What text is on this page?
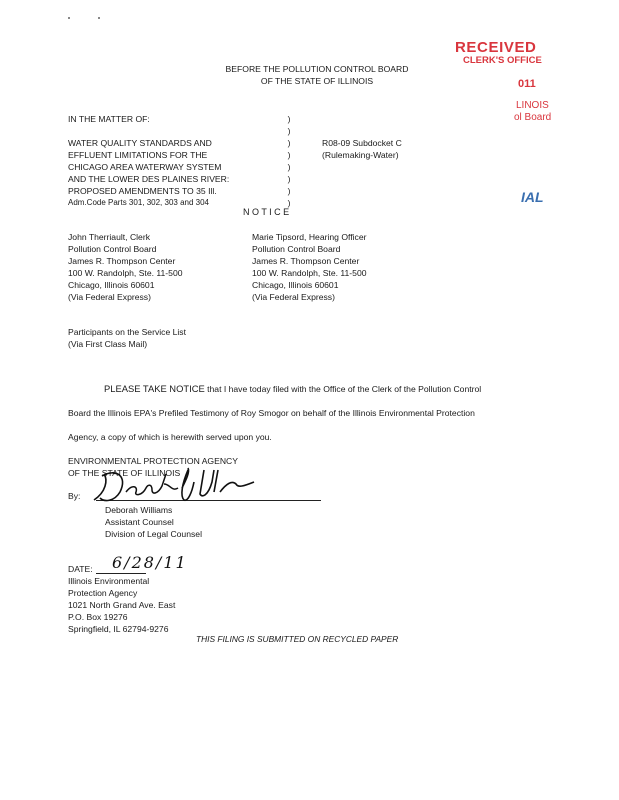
RECEIVED
CLERK'S OFFICE
011
LINOIS
ol Board
IAL
BEFORE THE POLLUTION CONTROL BOARD
OF THE STATE OF ILLINOIS
IN THE MATTER OF:
WATER QUALITY STANDARDS AND
EFFLUENT LIMITATIONS FOR THE
CHICAGO AREA WATERWAY SYSTEM
AND THE LOWER DES PLAINES RIVER:
PROPOSED AMENDMENTS TO 35 Ill.
Adm.Code Parts 301, 302, 303 and 304
)
)
)
)
)
)
)
)
R08-09 Subdocket C
(Rulemaking-Water)
N O T I C E
John Therriault, Clerk
Pollution Control Board
James R. Thompson Center
100 W. Randolph, Ste. 11-500
Chicago, Illinois 60601
(Via Federal Express)
Marie Tipsord, Hearing Officer
Pollution Control Board
James R. Thompson Center
100 W. Randolph, Ste. 11-500
Chicago, Illinois 60601
(Via Federal Express)
Participants on the Service List
(Via First Class Mail)
PLEASE TAKE NOTICE that I have today filed with the Office of the Clerk of the Pollution Control
Board the Illinois EPA's Prefiled Testimony of Roy Smogor on behalf of the Illinois Environmental Protection
Agency, a copy of which is herewith served upon you.
ENVIRONMENTAL PROTECTION AGENCY
OF THE STATE OF ILLINOIS
By:
Deborah Williams
Assistant Counsel
Division of Legal Counsel
DATE: 6/28/11
Illinois Environmental
Protection Agency
1021 North Grand Ave. East
P.O. Box 19276
Springfield, IL 62794-9276
THIS FILING IS SUBMITTED ON RECYCLED PAPER
